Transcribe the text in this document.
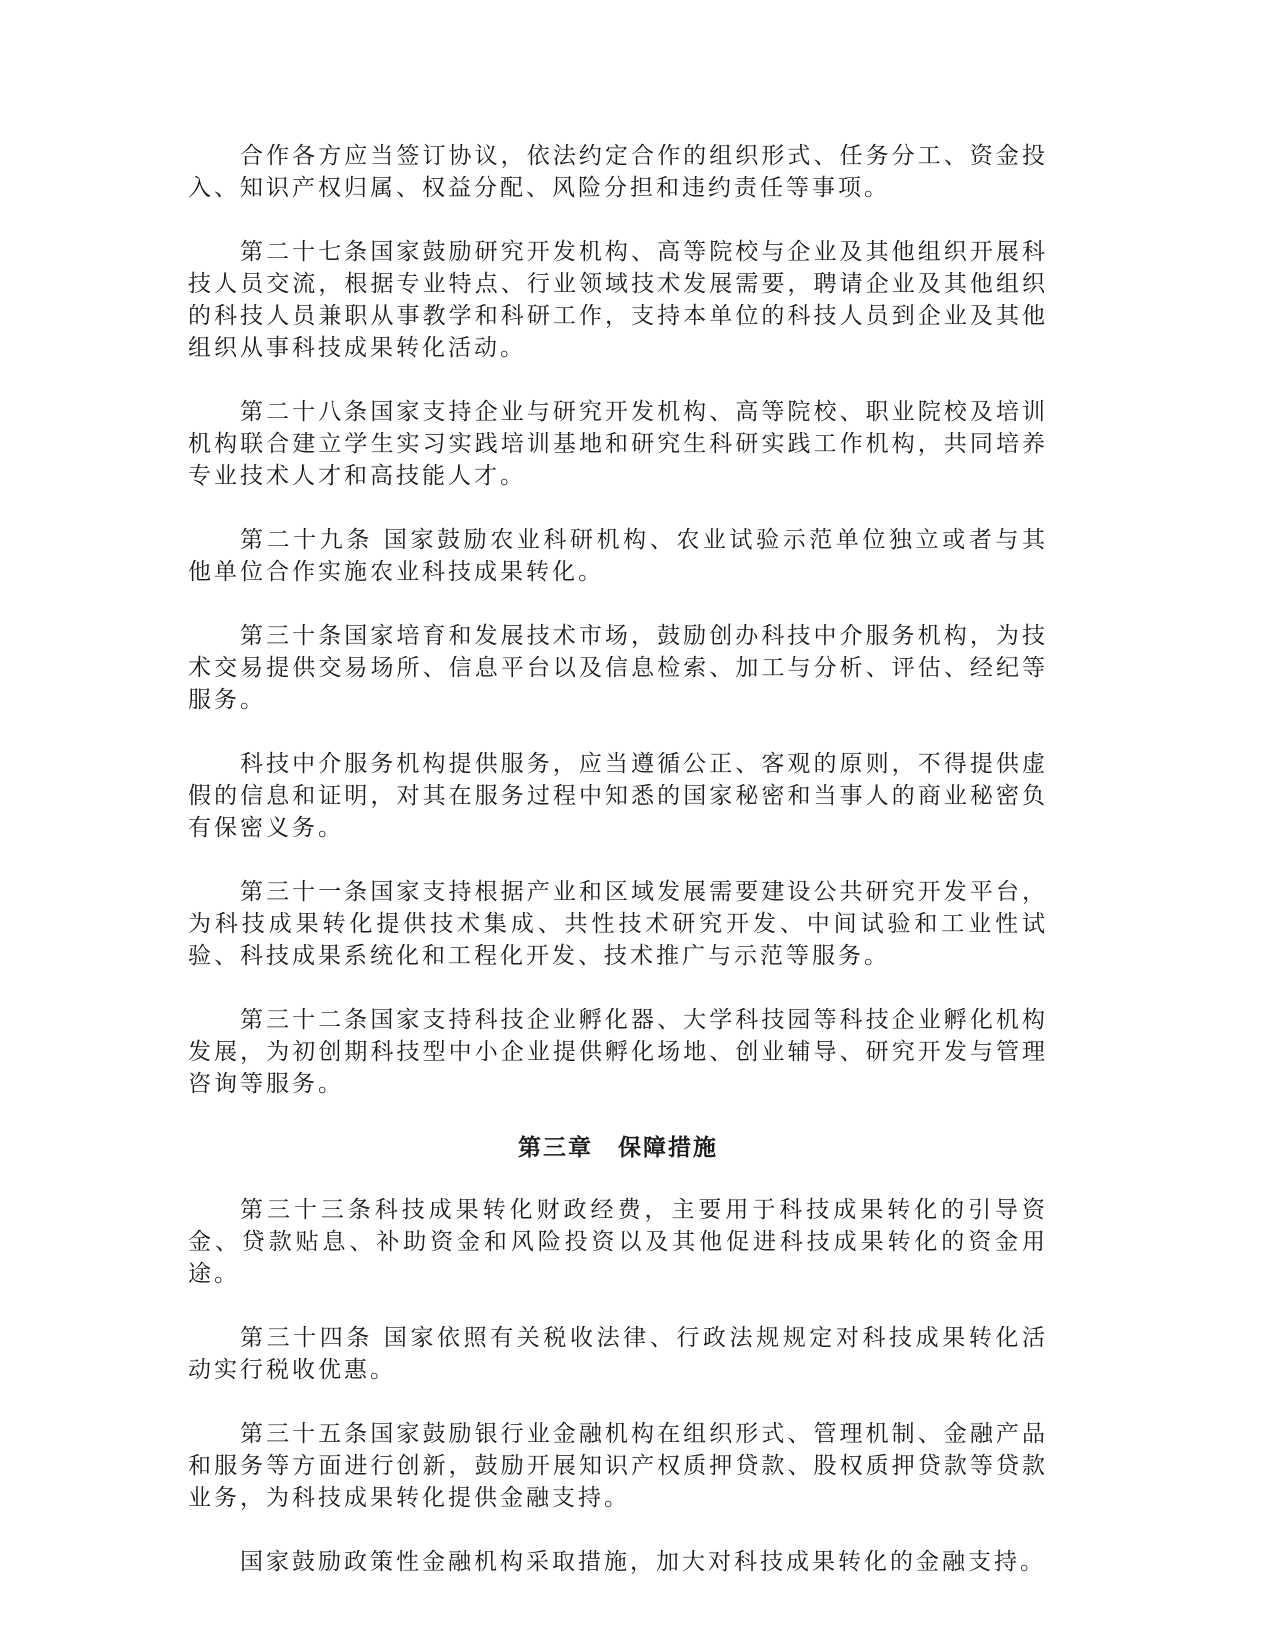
合作各方应当签订协议，依法约定合作的组织形式、任务分工、资金投入、知识产权归属、权益分配、风险分担和违约责任等事项。

第二十七条国家鼓励研究开发机构、高等院校与企业及其他组织开展科技人员交流，根据专业特点、行业领域技术发展需要，聘请企业及其他组织的科技人员兼职从事教学和科研工作，支持本单位的科技人员到企业及其他组织从事科技成果转化活动。

第二十八条国家支持企业与研究开发机构、高等院校、职业院校及培训机构联合建立学生实习实践培训基地和研究生科研实践工作机构，共同培养专业技术人才和高技能人才。

第二十九条 国家鼓励农业科研机构、农业试验示范单位独立或者与其他单位合作实施农业科技成果转化。

第三十条国家培育和发展技术市场，鼓励创办科技中介服务机构，为技术交易提供交易场所、信息平台以及信息检索、加工与分析、评估、经纪等服务。

科技中介服务机构提供服务，应当遵循公正、客观的原则，不得提供虚假的信息和证明，对其在服务过程中知悉的国家秘密和当事人的商业秘密负有保密义务。

第三十一条国家支持根据产业和区域发展需要建设公共研究开发平台，为科技成果转化提供技术集成、共性技术研究开发、中间试验和工业性试验、科技成果系统化和工程化开发、技术推广与示范等服务。

第三十二条国家支持科技企业孵化器、大学科技园等科技企业孵化机构发展，为初创期科技型中小企业提供孵化场地、创业辅导、研究开发与管理咨询等服务。

第三章　保障措施

第三十三条科技成果转化财政经费，主要用于科技成果转化的引导资金、贷款贴息、补助资金和风险投资以及其他促进科技成果转化的资金用途。

第三十四条 国家依照有关税收法律、行政法规规定对科技成果转化活动实行税收优惠。

第三十五条国家鼓励银行业金融机构在组织形式、管理机制、金融产品和服务等方面进行创新，鼓励开展知识产权质押贷款、股权质押贷款等贷款业务，为科技成果转化提供金融支持。

国家鼓励政策性金融机构采取措施，加大对科技成果转化的金融支持。
